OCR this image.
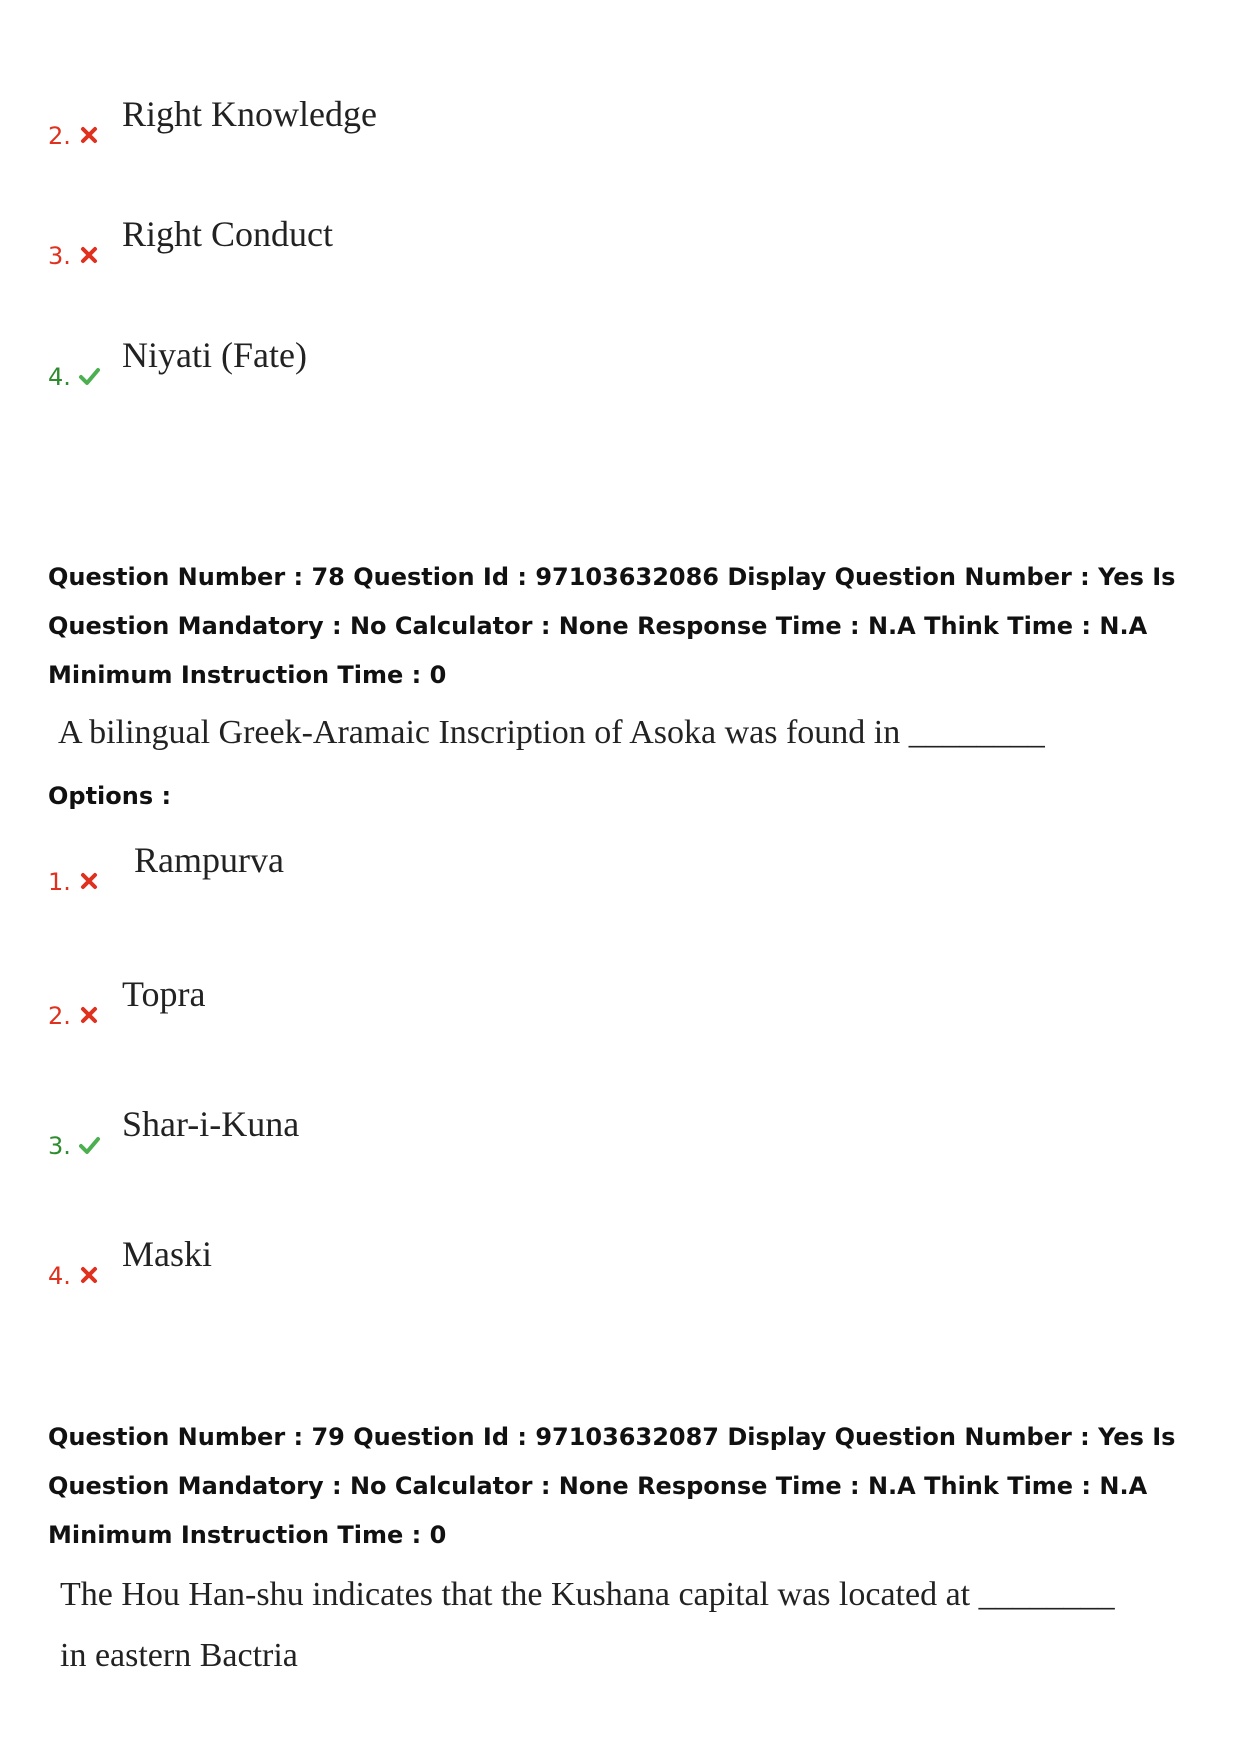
2.
Right Knowledge
3.
Right Conduct
4.
Niyati (Fate)
Question Number : 78 Question Id : 97103632086 Display Question Number : Yes Is Question Mandatory : No Calculator : None Response Time : N.A Think Time : N.A Minimum Instruction Time : 0
A bilingual Greek-Aramaic Inscription of Asoka was found in ________
Options :
1.
Rampurva
2.
Topra
3.
Shar-i-Kuna
4.
Maski
Question Number : 79 Question Id : 97103632087 Display Question Number : Yes Is Question Mandatory : No Calculator : None Response Time : N.A Think Time : N.A Minimum Instruction Time : 0
The Hou Han-shu indicates that the Kushana capital was located at ________
in eastern Bactria
